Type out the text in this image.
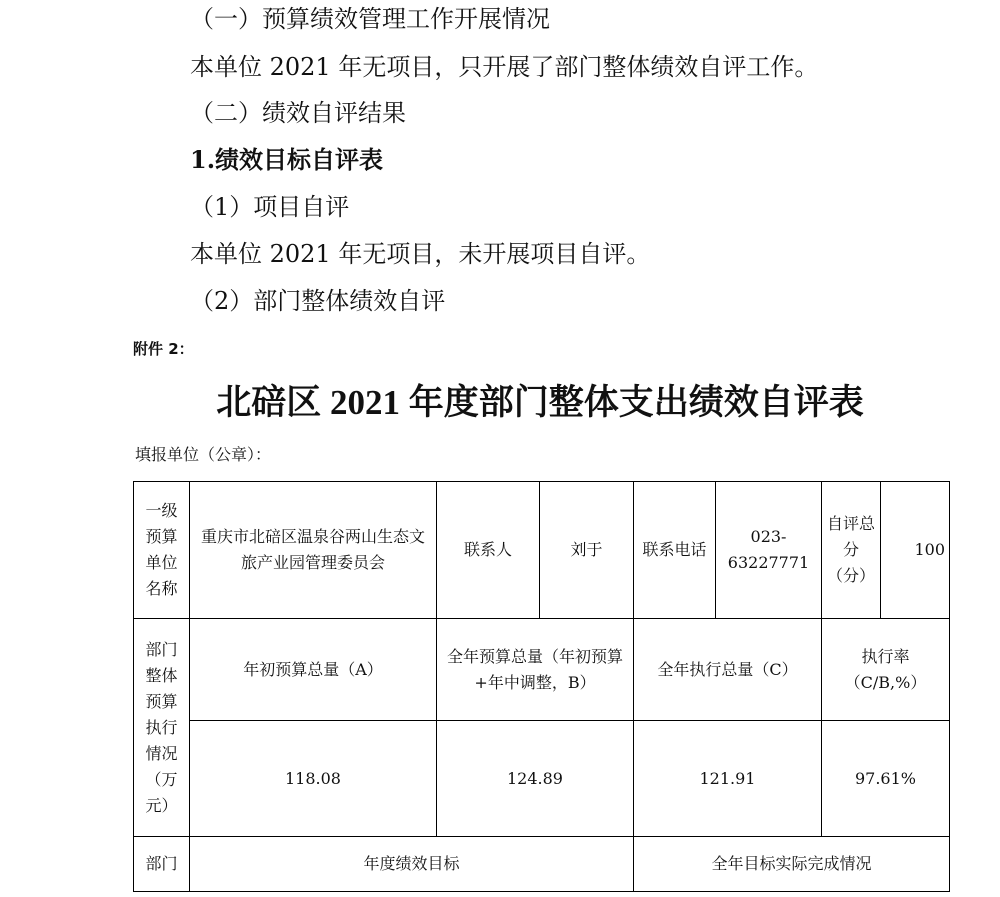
（一）预算绩效管理工作开展情况
本单位 2021 年无项目，只开展了部门整体绩效自评工作。
（二）绩效自评结果
1.绩效目标自评表
（1）项目自评
本单位 2021 年无项目，未开展项目自评。
（2）部门整体绩效自评
附件 2：
北碚区 2021 年度部门整体支出绩效自评表
填报单位（公章）：
一级预算单位名称	重庆市北碚区温泉谷两山生态文旅产业园管理委员会	联系人	刘于	联系电话	023-63227771	自评总分（分）	100
部门整体预算执行情况（万元）	年初预算总量（A）	全年预算总量（年初预算+年中调整，B）		全年执行总量（C）		执行率（C/B,%）	
	118.08	124.89		121.91		97.61%	
部门	年度绩效目标			全年目标实际完成情况			
